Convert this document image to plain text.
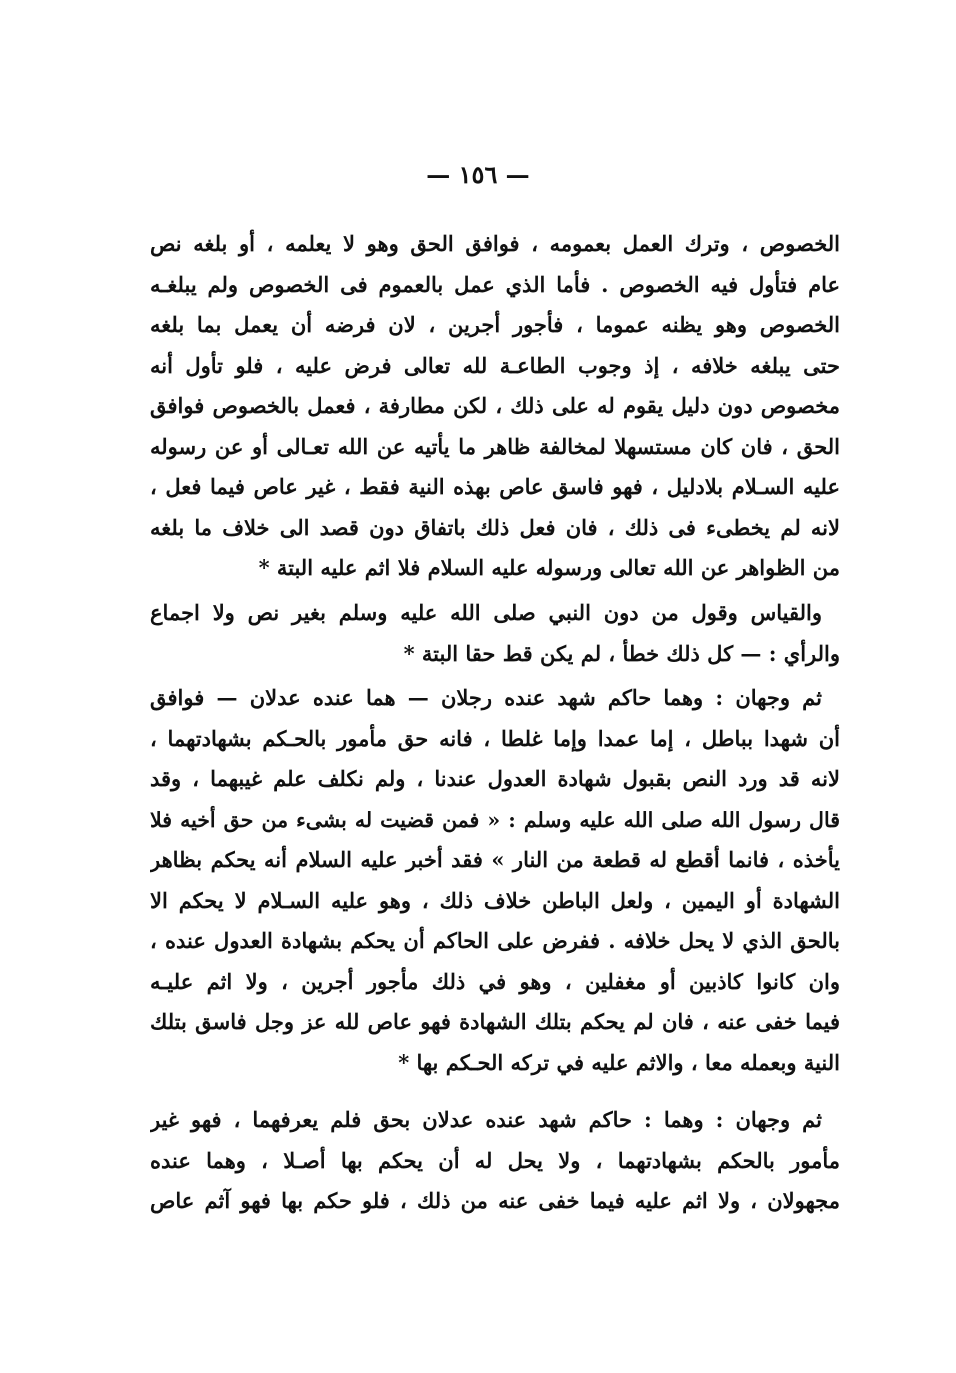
— ١٥٦ —
الخصوص ، وترك العمل بعمومه ، فوافق الحق وهو لا يعلمه ، أو بلغه نص
عام فتأول فيه الخصوص . فأما الذي عمل بالعموم فى الخصوص ولم يبلغـه
الخصوص وهو يظنه عموما ، فأجور أجرين ، لان فرضه أن يعمل بما بلغه
حتى يبلغه خلافه ، إذ وجوب الطاعـة لله تعالى فرض عليه ، فلو تأول أنه
مخصوص دون دليل يقوم له على ذلك ، لكن مطارفة ، فعمل بالخصوص فوافق
الحق ، فان كان مستسهلا لمخالفة ظاهر ما يأتيه عن الله تعـالى أو عن رسوله
عليه السـلام بلادليل ، فهو فاسق عاص بهذه النية فقط ، غير عاص فيما فعل ،
لانه لم يخطىء فى ذلك ، فان فعل ذلك باتفاق دون قصد الى خلاف ما بلغه
من الظواهر عن الله تعالى ورسوله عليه السلام فلا اثم عليه البتة *
والقياس وقول من دون النبي صلى الله عليه وسلم بغير نص ولا اجماع
والرأي : — كل ذلك خطأ ، لم يكن قط حقا البتة *
ثم وجهان : وهما حاكم شهد عنده رجلان — هما عنده عدلان — فوافق
أن شهدا بباطل ، إما عمدا وإما غلطا ، فانه حق مأمور بالحـكم بشهادتهما ،
لانه قد ورد النص بقبول شهادة العدول عندنا ، ولم نكلف علم غيبهما ، وقد
قال رسول الله صلى الله عليه وسلم : « فمن قضيت له بشىء من حق أخيه فلا
يأخذه ، فانما أقطع له قطعة من النار » فقد أخبر عليه السلام أنه يحكم بظاهر
الشهادة أو اليمين ، ولعل الباطن خلاف ذلك ، وهو عليه السـلام لا يحكم الا
بالحق الذي لا يحل خلافه . ففرض على الحاكم أن يحكم بشهادة العدول عنده ،
وان كانوا كاذبين أو مغفلين ، وهو في ذلك مأجور أجرين ، ولا اثم عليـه
فيما خفى عنه ، فان لم يحكم بتلك الشهادة فهو عاص لله عز وجل فاسق بتلك
النية وبعمله معا ، والاثم عليه في تركه الحـكم بها *
ثم وجهان : وهما : حاكم شهد عنده عدلان بحق فلم يعرفهما ، فهو غير
مأمور بالحكم بشهادتهما ، ولا يحل له أن يحكم بها أصـلا ، وهما عنده
مجهولان ، ولا اثم عليه فيما خفى عنه من ذلك ، فلو حكم بها فهو آثم عاص
